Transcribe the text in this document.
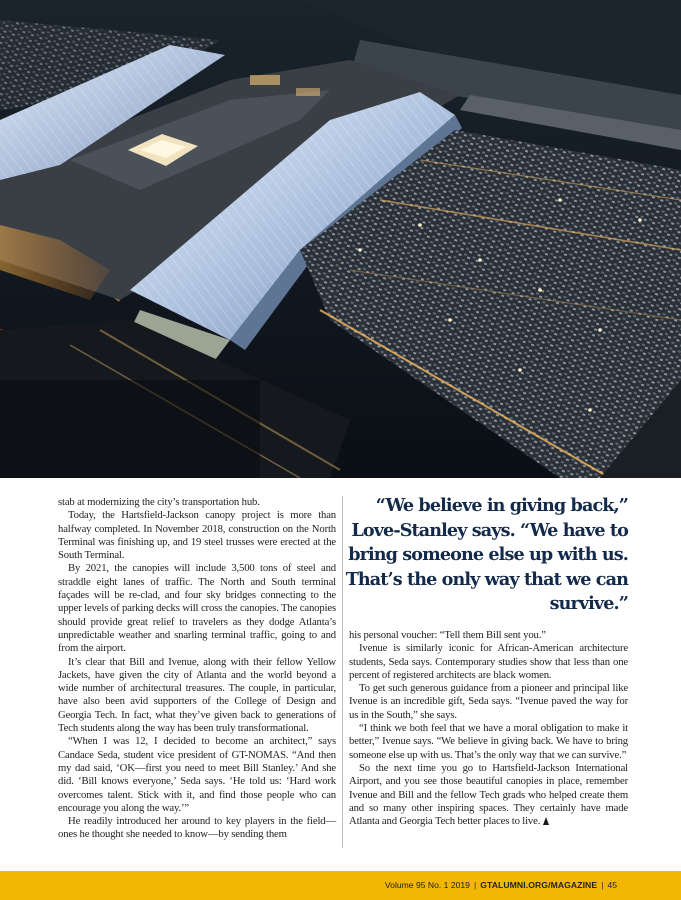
stab at modernizing the city’s transportation hub.

Today, the Hartsfield-Jackson canopy project is more than halfway completed. In November 2018, construction on the North Terminal was finishing up, and 19 steel trusses were erected at the South Terminal.

By 2021, the canopies will include 3,500 tons of steel and straddle eight lanes of traffic. The North and South terminal façades will be re-clad, and four sky bridges connecting to the upper levels of parking decks will cross the canopies. The canopies should provide great relief to travelers as they dodge Atlanta’s unpredictable weather and snarling terminal traffic, going to and from the airport.

It’s clear that Bill and Ivenue, along with their fellow Yellow Jackets, have given the city of Atlanta and the world beyond a wide number of architectural treasures. The couple, in particular, have also been avid supporters of the College of Design and Georgia Tech. In fact, what they’ve given back to generations of Tech students along the way has been truly transformational.

“When I was 12, I decided to become an architect,” says Candace Seda, student vice president of GT-NOMAS. “And then my dad said, ‘OK—first you need to meet Bill Stanley.’ And she did. ‘Bill knows everyone,’ Seda says. ‘He told us: ‘Hard work overcomes talent. Stick with it, and find those people who can encourage you along the way.’”

He readily introduced her around to key players in the field—ones he thought she needed to know—by sending them

“We believe in giving back,” Love-Stanley says. “We have to bring someone else up with us. That’s the only way that we can survive.”

his personal voucher: “Tell them Bill sent you.”

Ivenue is similarly iconic for African-American architecture students, Seda says. Contemporary studies show that less than one percent of registered architects are black women.

To get such generous guidance from a pioneer and principal like Ivenue is an incredible gift, Seda says. “Ivenue paved the way for us in the South,” she says.

“I think we both feel that we have a moral obligation to make it better,” Ivenue says. “We believe in giving back. We have to bring someone else up with us. That’s the only way that we can survive.”

So the next time you go to Hartsfield-Jackson International Airport, and you see those beautiful canopies in place, remember Ivenue and Bill and the fellow Tech grads who helped create them and so many other inspiring spaces. They certainly have made Atlanta and Georgia Tech better places to live.

Volume 95 No. 1 2019 | GTALUMNI.ORG/MAGAZINE | 45
